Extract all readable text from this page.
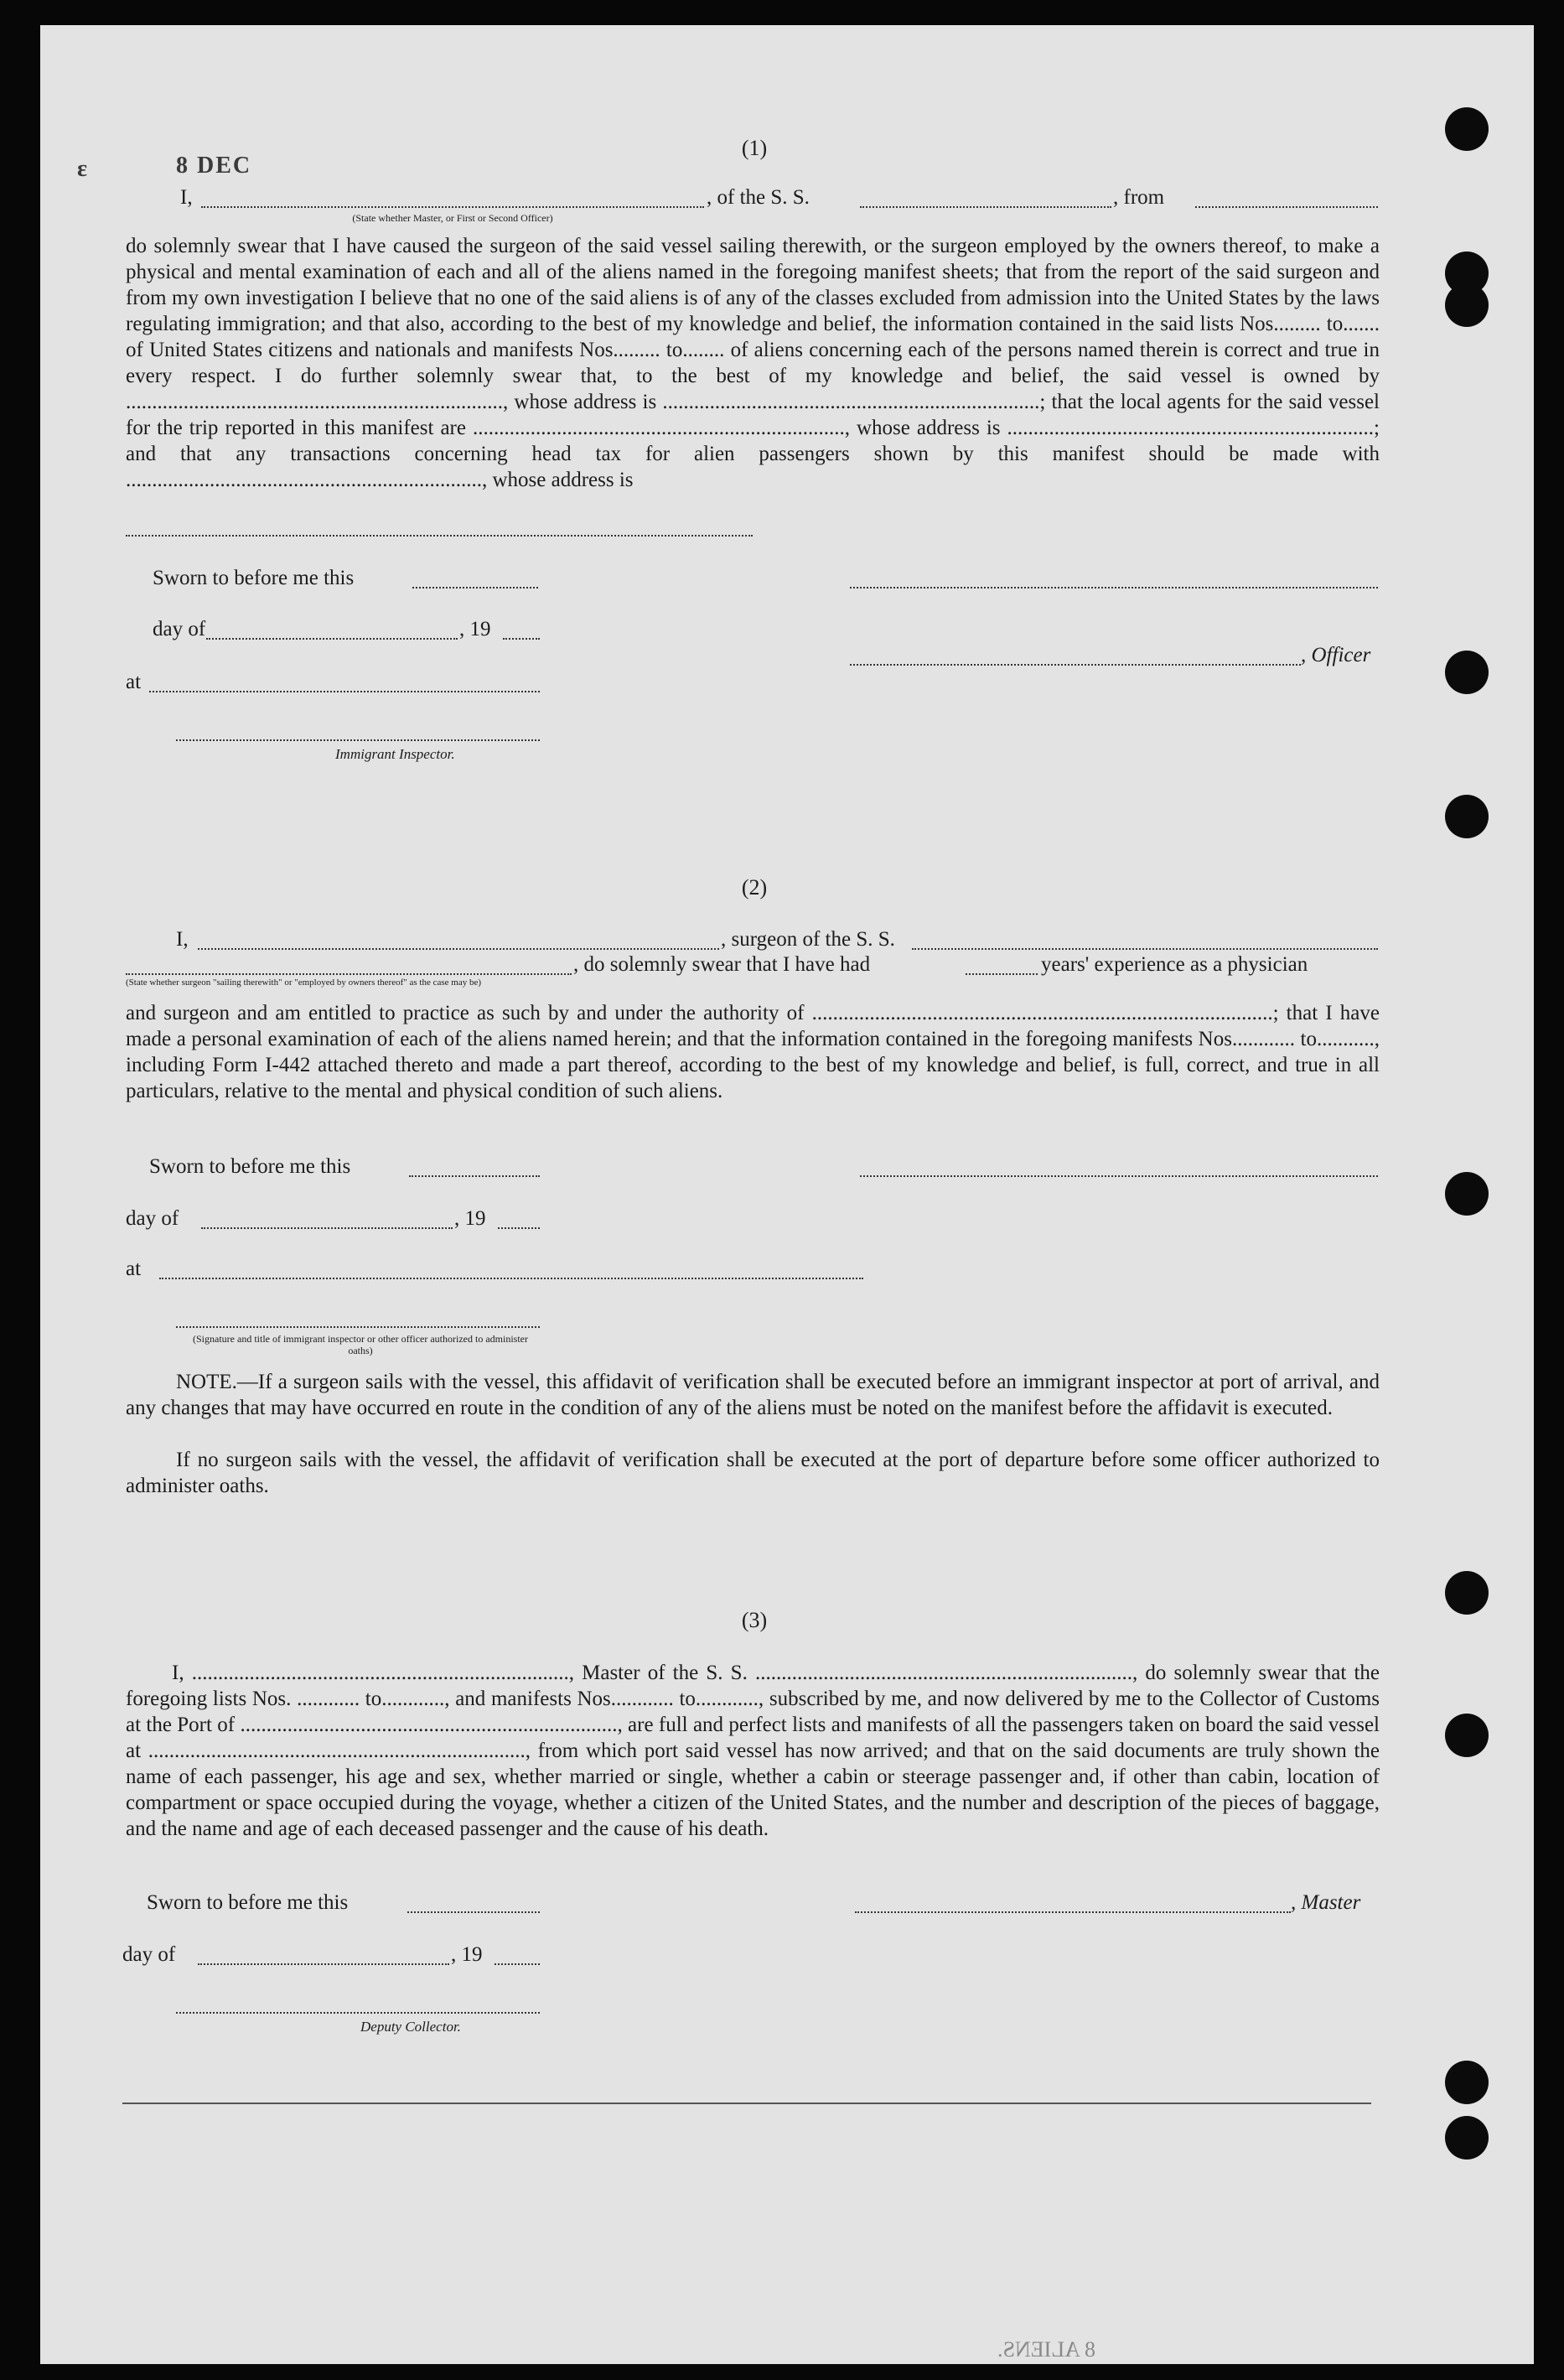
ɛ	8 DEC
(1)
I,	, of the S. S.	, from
(State whether Master, or First or Second Officer)

do solemnly swear that I have caused the surgeon of the said vessel sailing therewith, or the surgeon employed by the owners thereof, to make a physical and mental examination of each and all of the aliens named in the foregoing manifest sheets; that from the report of the said surgeon and from my own investigation I believe that no one of the said aliens is of any of the classes excluded from admission into the United States by the laws regulating immigration; and that also, according to the best of my knowledge and belief, the information contained in the said lists Nos......... to....... of United States citizens and nationals and manifests Nos......... to........ of aliens concerning each of the persons named therein is correct and true in every respect. I do further solemnly swear that, to the best of my knowledge and belief, the said vessel is owned by ........................................................................, whose address is ........................................................................; that the local agents for the said vessel for the trip reported in this manifest are ......................................................................., whose address is ......................................................................; and that any transactions concerning head tax for alien passengers shown by this manifest should be made with ...................................................................., whose address is

Sworn to before me this
day of	, 19
, Officer
at
Immigrant Inspector.
(2)
I,	, surgeon of the S. S.
, do solemnly swear that I have had	years' experience as a physician
(State whether surgeon "sailing therewith" or "employed by owners thereof" as the case may be)

and surgeon and am entitled to practice as such by and under the authority of ........................................................................................; that I have made a personal examination of each of the aliens named herein; and that the information contained in the foregoing manifests Nos............ to..........., including Form I-442 attached thereto and made a part thereof, according to the best of my knowledge and belief, is full, correct, and true in all particulars, relative to the mental and physical condition of such aliens.

Sworn to before me this
day of	, 19
at
(Signature and title of immigrant inspector or other officer authorized to administer oaths)

NOTE.—If a surgeon sails with the vessel, this affidavit of verification shall be executed before an immigrant inspector at port of arrival, and any changes that may have occurred en route in the condition of any of the aliens must be noted on the manifest before the affidavit is executed.

If no surgeon sails with the vessel, the affidavit of verification shall be executed at the port of departure before some officer authorized to administer oaths.

(3)

I, ........................................................................, Master of the S. S. ........................................................................, do solemnly swear that the foregoing lists Nos. ............ to............, and manifests Nos............ to............, subscribed by me, and now delivered by me to the Collector of Customs at the Port of ........................................................................, are full and perfect lists and manifests of all the passengers taken on board the said vessel at ........................................................................, from which port said vessel has now arrived; and that on the said documents are truly shown the name of each passenger, his age and sex, whether married or single, whether a cabin or steerage passenger and, if other than cabin, location of compartment or space occupied during the voyage, whether a citizen of the United States, and the number and description of the pieces of baggage, and the name and age of each deceased passenger and the cause of his death.

Sworn to before me this	, Master
day of	, 19
Deputy Collector.
8 ALIENS.
